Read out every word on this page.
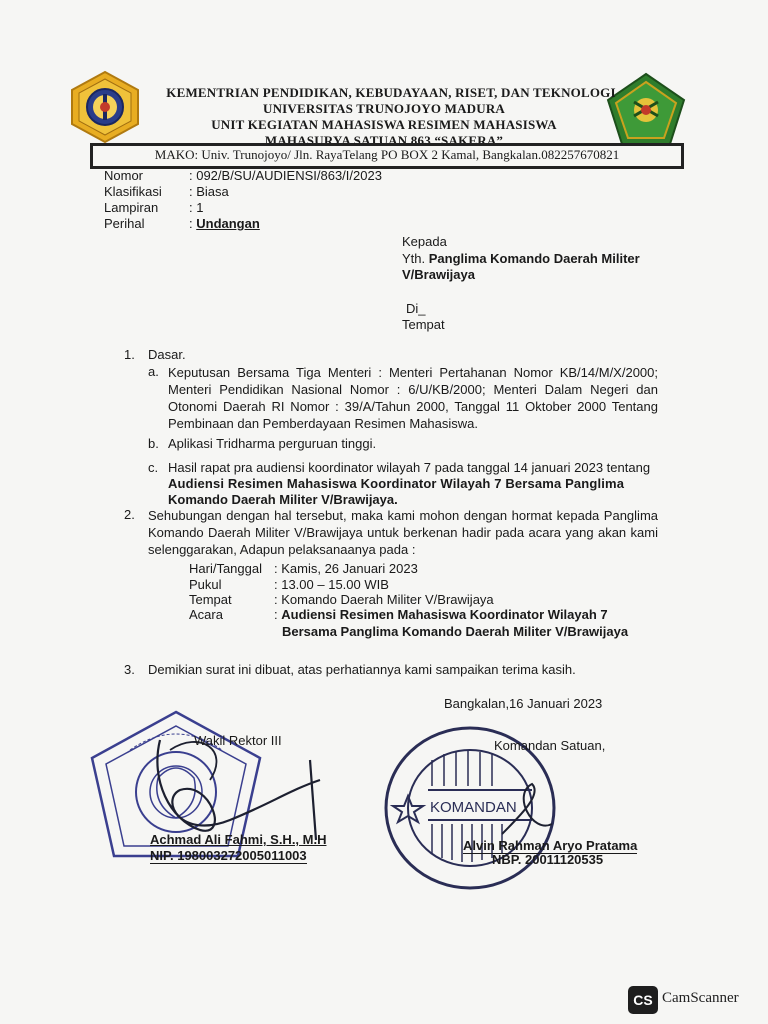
KEMENTRIAN PENDIDIKAN, KEBUDAYAAN, RISET, DAN TEKNOLOGI
UNIVERSITAS TRUNOJOYO MADURA
UNIT KEGIATAN MAHASISWA RESIMEN MAHASISWA
MAHASURYA SATUAN 863 “SAKERA”
MAKO: Univ. Trunojoyo/ Jln. RayaTelang PO BOX 2 Kamal, Bangkalan.082257670821
Nomor	: 092/B/SU/AUDIENSI/863/I/2023
Klasifikasi : Biasa
Lampiran : 1
Perihal	: Undangan
Kepada
Yth. Panglima Komando Daerah Militer
V/Brawijaya
Di_
Tempat
1. Dasar.
a. Keputusan Bersama Tiga Menteri : Menteri Pertahanan Nomor KB/14/M/X/2000; Menteri Pendidikan Nasional Nomor : 6/U/KB/2000; Menteri Dalam Negeri dan Otonomi Daerah RI Nomor : 39/A/Tahun 2000, Tanggal 11 Oktober 2000 Tentang Pembinaan dan Pemberdayaan Resimen Mahasiswa.

b. Aplikasi Tridharma perguruan tinggi.
c. Hasil rapat pra audiensi koordinator wilayah 7 pada tanggal 14 januari 2023 tentang
Audiensi Resimen Mahasiswa Koordinator Wilayah 7 Bersama Panglima
Komando Daerah Militer V/Brawijaya.
2. Sehubungan dengan hal tersebut, maka kami mohon dengan hormat kepada Panglima Komando Daerah Militer V/Brawijaya untuk berkenan hadir pada acara yang akan kami selenggarakan, Adapun pelaksanaanya pada :

Hari/Tanggal : Kamis, 26 Januari 2023
Pukul	: 13.00 – 15.00 WIB
Tempat	: Komando Daerah Militer V/Brawijaya
Acara	: Audiensi Resimen Mahasiswa Koordinator Wilayah 7
Bersama Panglima Komando Daerah Militer V/Brawijaya
3. Demikian surat ini dibuat, atas perhatiannya kami sampaikan terima kasih.
Bangkalan,16 Januari 2023
Wakil Rektor III
Achmad Ali Fahmi, S.H., M.H
NIP. 198003272005011003
KOMANDAN
Komandan Satuan,
Alvin Rahman Aryo Pratama
NBP. 20011120535
CS CamScanner
